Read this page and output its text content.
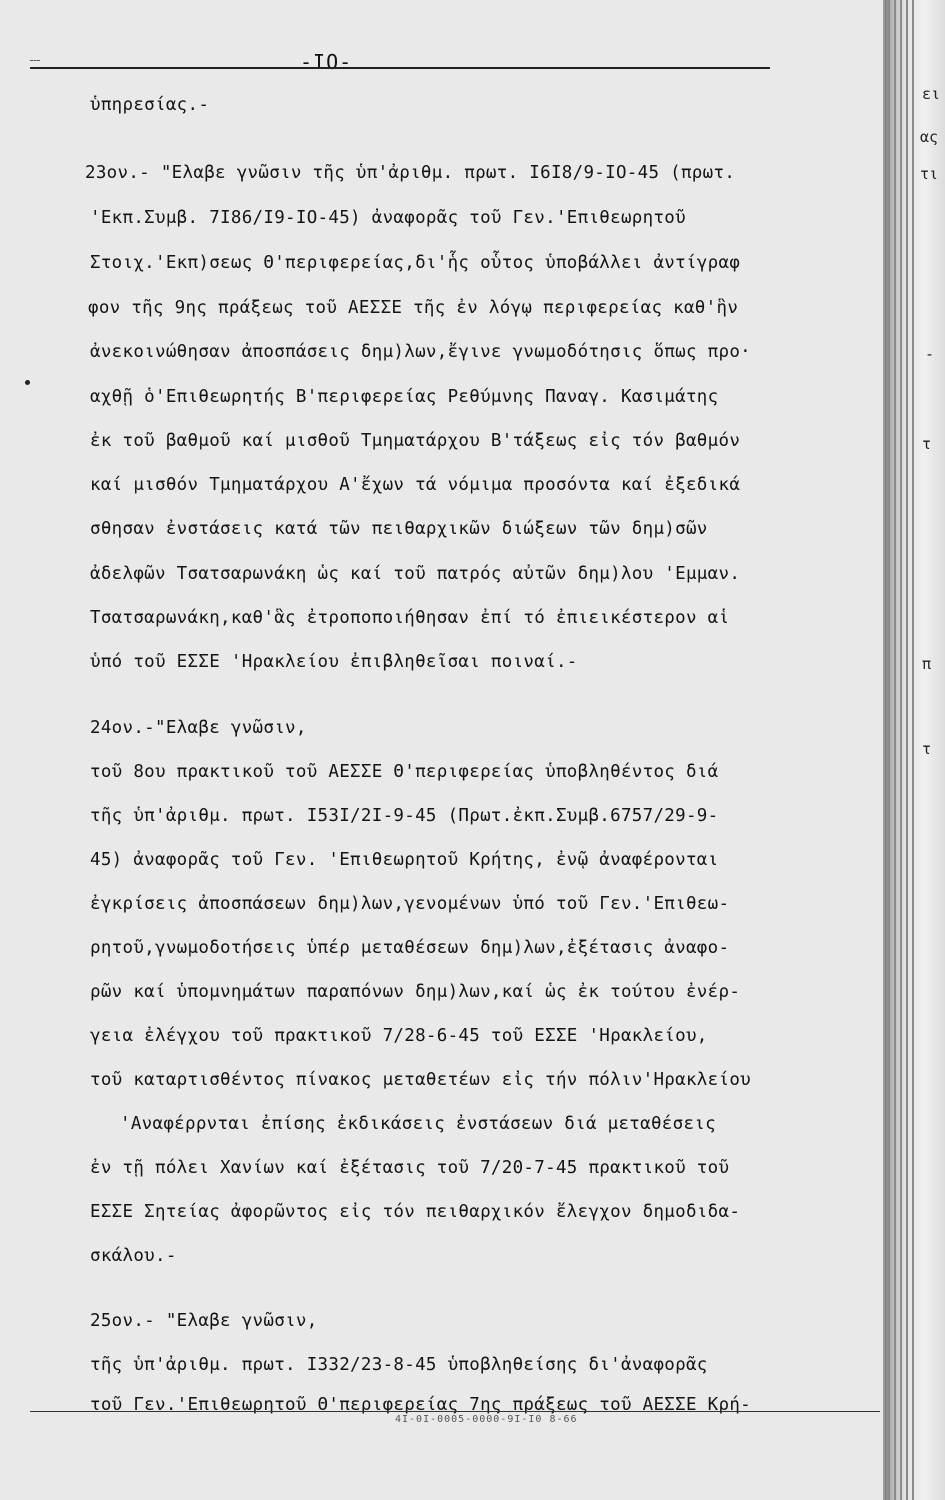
-IO-
ὑπηρεσίας.-
23ον.- "Ελαβε γνῶσιν τῆς ὑπ'ἀριθμ. πρωτ. I6I8/9-IO-45 (πρωτ.
'Εκπ.Συμβ. 7I86/I9-IO-45) ἀναφορᾶς τοῦ Γεν.'Επιθεωρητοῦ
Στοιχ.'Εκπ)σεως Θ'περιφερείας,δι'ἧς οὗτος ὑποβάλλει ἀντίγραφ
φον τῆς 9ης πράξεως τοῦ ΑΕΣΣΕ τῆς ἐν λόγῳ περιφερείας καθ'ἣν
ἀνεκοινώθησαν ἀποσπάσεις δημ)λων,ἔγινε γνωμοδότησις ὅπως προ·
αχθῇ ὁ'Επιθεωρητής Β'περιφερείας Ρεθύμνης Παναγ. Κασιμάτης
ἐκ τοῦ βαθμοῦ καί μισθοῦ Τμηματάρχου Β'τάξεως εἰς τόν βαθμόν
καί μισθόν Τμηματάρχου Α'ἔχων τά νόμιμα προσόντα καί ἐξεδικά
σθησαν ἐνστάσεις κατά τῶν πειθαρχικῶν διώξεων τῶν δημ)σῶν
ἀδελφῶν Τσατσαρωνάκη ὡς καί τοῦ πατρός αὐτῶν δημ)λου 'Εμμαν.
Τσατσαρωνάκη,καθ'ἃς ἐτροποποιήθησαν ἐπί τό ἐπιεικέστερον αἱ
ὑπό τοῦ ΕΣΣΕ 'Ηρακλείου ἐπιβληθεῖσαι ποιναί.-
24ον.-"Ελαβε γνῶσιν,
τοῦ 8ου πρακτικοῦ τοῦ ΑΕΣΣΕ Θ'περιφερείας ὑποβληθέντος διά
τῆς ὑπ'ἀριθμ. πρωτ. I53I/2I-9-45 (Πρωτ.ἐκπ.Συμβ.6757/29-9-
45) ἀναφορᾶς τοῦ Γεν. 'Επιθεωρητοῦ Κρήτης, ἐνῷ ἀναφέρονται
ἐγκρίσεις ἀποσπάσεων δημ)λων,γενομένων ὑπό τοῦ Γεν.'Επιθεω-
ρητοῦ,γνωμοδοτήσεις ὑπέρ μεταθέσεων δημ)λων,ἐξέτασις ἀναφο-
ρῶν καί ὑπομνημάτων παραπόνων δημ)λων,καί ὡς ἐκ τούτου ἐνέρ-
γεια ἐλέγχου τοῦ πρακτικοῦ 7/28-6-45 τοῦ ΕΣΣΕ 'Ηρακλείου,
τοῦ καταρτισθέντος πίνακος μεταθετέων εἰς τήν πόλιν'Ηρακλείου
'Αναφέρρνται ἐπίσης ἐκδικάσεις ἐνστάσεων διά μεταθέσεις
ἐν τῇ πόλει Χανίων καί ἐξέτασις τοῦ 7/20-7-45 πρακτικοῦ τοῦ
ΕΣΣΕ Σητείας ἀφορῶντος εἰς τόν πειθαρχικόν ἔλεγχον δημοδιδα-
σκάλου.-
25ον.- "Ελαβε γνῶσιν,
τῆς ὑπ'ἀριθμ. πρωτ. I332/23-8-45 ὑποβληθείσης δι'ἀναφορᾶς
τοῦ Γεν.'Επιθεωρητοῦ Θ'περιφερείας 7ης πράξεως τοῦ ΑΕΣΣΕ Κρή-
4I-0I-0005-0000-9I-I0 8-66
ει
ας
τι
-
τ
π
τ
